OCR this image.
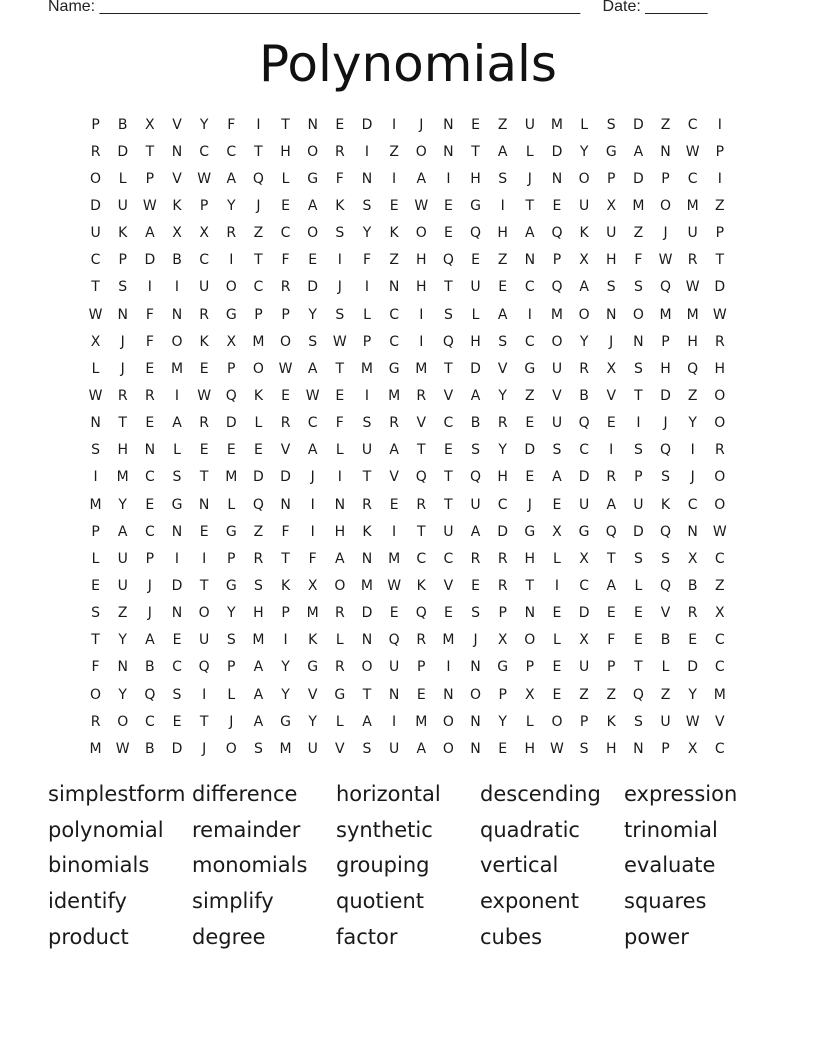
Name: ______________________________________________________ Date: _______
Polynomials
P	B	X	V	Y	F	I	T	N	E	D	I	J	N	E	Z	U	M	L	S	D	Z	C	I
R	D	T	N	C	C	T	H	O	R	I	Z	O	N	T	A	L	D	Y	G	A	N	W	P
O	L	P	V	W	A	Q	L	G	F	N	I	A	I	H	S	J	N	O	P	D	P	C	I
D	U	W	K	P	Y	J	E	A	K	S	E	W	E	G	I	T	E	U	X	M	O	M	Z
U	K	A	X	X	R	Z	C	O	S	Y	K	O	E	Q	H	A	Q	K	U	Z	J	U	P
C	P	D	B	C	I	T	F	E	I	F	Z	H	Q	E	Z	N	P	X	H	F	W	R	T
T	S	I	I	U	O	C	R	D	J	I	N	H	T	U	E	C	Q	A	S	S	Q	W	D
W	N	F	N	R	G	P	P	Y	S	L	C	I	S	L	A	I	M	O	N	O	M	M	W
X	J	F	O	K	X	M	O	S	W	P	C	I	Q	H	S	C	O	Y	J	N	P	H	R
L	J	E	M	E	P	O	W	A	T	M	G	M	T	D	V	G	U	R	X	S	H	Q	H
W	R	R	I	W	Q	K	E	W	E	I	M	R	V	A	Y	Z	V	B	V	T	D	Z	O
N	T	E	A	R	D	L	R	C	F	S	R	V	C	B	R	E	U	Q	E	I	J	Y	O
S	H	N	L	E	E	E	V	A	L	U	A	T	E	S	Y	D	S	C	I	S	Q	I	R
I	M	C	S	T	M	D	D	J	I	T	V	Q	T	Q	H	E	A	D	R	P	S	J	O
M	Y	E	G	N	L	Q	N	I	N	R	E	R	T	U	C	J	E	U	A	U	K	C	O
P	A	C	N	E	G	Z	F	I	H	K	I	T	U	A	D	G	X	G	Q	D	Q	N	W
L	U	P	I	I	P	R	T	F	A	N	M	C	C	R	R	H	L	X	T	S	S	X	C
E	U	J	D	T	G	S	K	X	O	M	W	K	V	E	R	T	I	C	A	L	Q	B	Z
S	Z	J	N	O	Y	H	P	M	R	D	E	Q	E	S	P	N	E	D	E	E	V	R	X
T	Y	A	E	U	S	M	I	K	L	N	Q	R	M	J	X	O	L	X	F	E	B	E	C
F	N	B	C	Q	P	A	Y	G	R	O	U	P	I	N	G	P	E	U	P	T	L	D	C
O	Y	Q	S	I	L	A	Y	V	G	T	N	E	N	O	P	X	E	Z	Z	Q	Z	Y	M
R	O	C	E	T	J	A	G	Y	L	A	I	M	O	N	Y	L	O	P	K	S	U	W	V
M	W	B	D	J	O	S	M	U	V	S	U	A	O	N	E	H	W	S	H	N	P	X	C
simplestform difference	horizontal	descending	expression
polynomial	remainder	synthetic	quadratic	trinomial
binomials	monomials	grouping	vertical	evaluate
identify	simplify	quotient	exponent	squares
product	degree	factor	cubes	power
